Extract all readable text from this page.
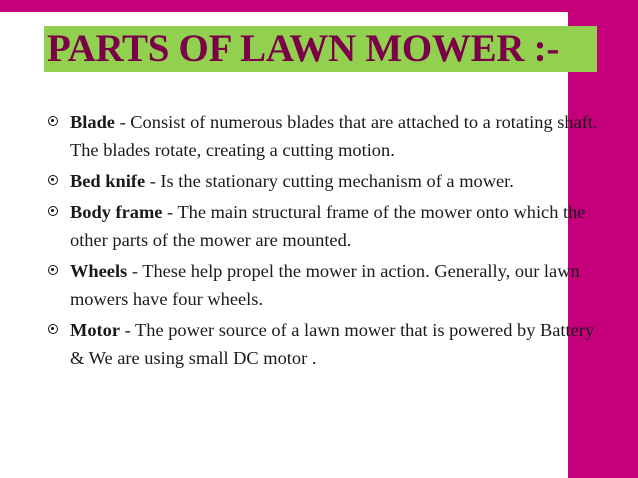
PARTS OF LAWN MOWER :-
Blade - Consist of numerous blades that are attached to a rotating shaft. The blades rotate, creating a cutting motion.
Bed knife - Is the stationary cutting mechanism of a mower.
Body frame - The main structural frame of the mower onto which the other parts of the mower are mounted.
Wheels - These help propel the mower in action. Generally, our lawn mowers have four wheels.
Motor - The power source of a lawn mower that is powered by Battery & We are using small DC motor .
